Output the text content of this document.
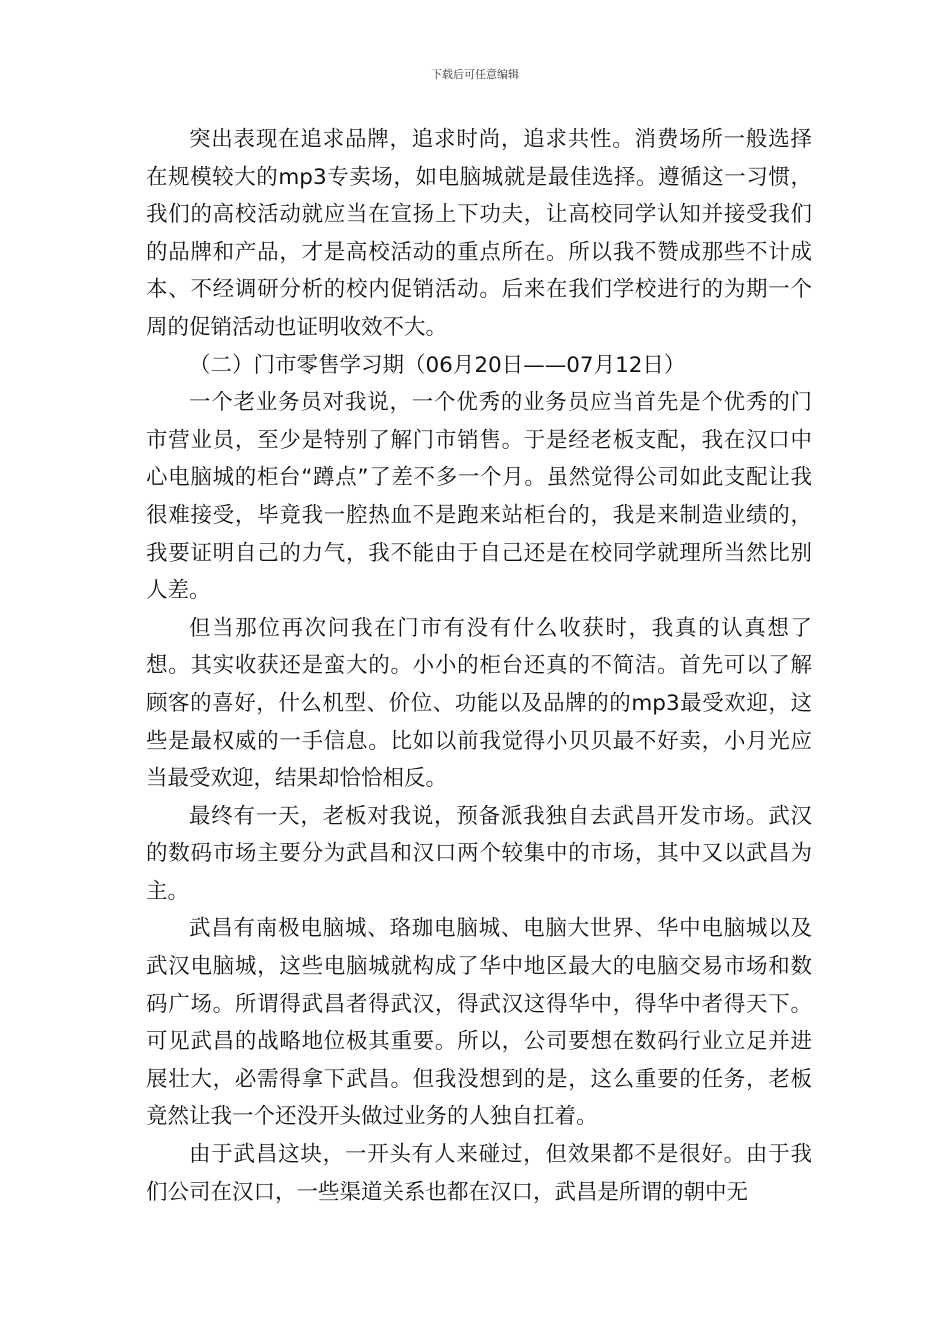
下载后可任意编辑

突出表现在追求品牌，追求时尚，追求共性。消费场所一般选择在规模较大的mp3专卖场，如电脑城就是最佳选择。遵循这一习惯，我们的高校活动就应当在宣扬上下功夫，让高校同学认知并接受我们的品牌和产品，才是高校活动的重点所在。所以我不赞成那些不计成本、不经调研分析的校内促销活动。后来在我们学校进行的为期一个周的促销活动也证明收效不大。

（二）门市零售学习期（06月20日——07月12日）

一个老业务员对我说，一个优秀的业务员应当首先是个优秀的门市营业员，至少是特别了解门市销售。于是经老板支配，我在汉口中心电脑城的柜台“蹲点”了差不多一个月。虽然觉得公司如此支配让我很难接受，毕竟我一腔热血不是跑来站柜台的，我是来制造业绩的，我要证明自己的力气，我不能由于自己还是在校同学就理所当然比别人差。

但当那位再次问我在门市有没有什么收获时，我真的认真想了想。其实收获还是蛮大的。小小的柜台还真的不简洁。首先可以了解顾客的喜好，什么机型、价位、功能以及品牌的的mp3最受欢迎，这些是最权威的一手信息。比如以前我觉得小贝贝最不好卖，小月光应当最受欢迎，结果却恰恰相反。

最终有一天，老板对我说，预备派我独自去武昌开发市场。武汉的数码市场主要分为武昌和汉口两个较集中的市场，其中又以武昌为主。

武昌有南极电脑城、珞珈电脑城、电脑大世界、华中电脑城以及武汉电脑城，这些电脑城就构成了华中地区最大的电脑交易市场和数码广场。所谓得武昌者得武汉，得武汉这得华中，得华中者得天下。可见武昌的战略地位极其重要。所以，公司要想在数码行业立足并进展壮大，必需得拿下武昌。但我没想到的是，这么重要的任务，老板竟然让我一个还没开头做过业务的人独自扛着。

由于武昌这块，一开头有人来碰过，但效果都不是很好。由于我们公司在汉口，一些渠道关系也都在汉口，武昌是所谓的朝中无
